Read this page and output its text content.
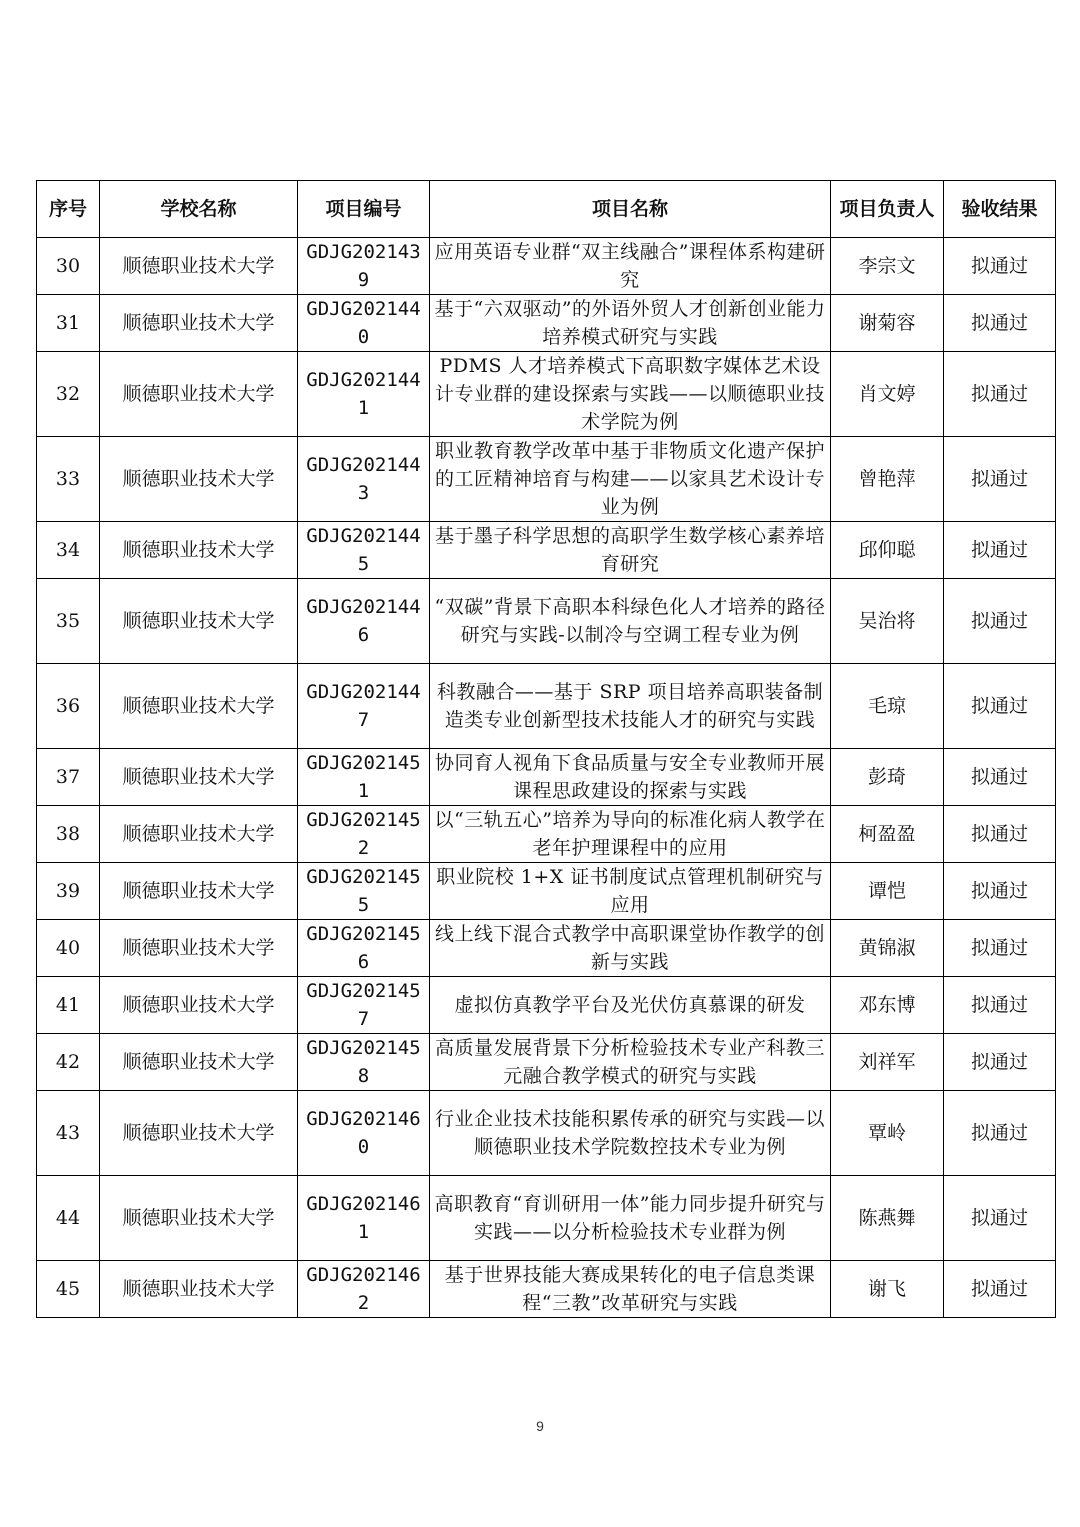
序号	学校名称	项目编号	项目名称	项目负责人	验收结果
30	顺德职业技术大学	GDJG2021439	应用英语专业群“双主线融合”课程体系构建研究	李宗文	拟通过
31	顺德职业技术大学	GDJG2021440	基于“六双驱动”的外语外贸人才创新创业能力培养模式研究与实践	谢菊容	拟通过
32	顺德职业技术大学	GDJG2021441	PDMS 人才培养模式下高职数字媒体艺术设计专业群的建设探索与实践——以顺德职业技术学院为例	肖文婷	拟通过
33	顺德职业技术大学	GDJG2021443	职业教育教学改革中基于非物质文化遗产保护的工匠精神培育与构建——以家具艺术设计专业为例	曾艳萍	拟通过
34	顺德职业技术大学	GDJG2021445	基于墨子科学思想的高职学生数学核心素养培育研究	邱仰聪	拟通过
35	顺德职业技术大学	GDJG2021446	“双碳”背景下高职本科绿色化人才培养的路径研究与实践-以制冷与空调工程专业为例	吴治将	拟通过
36	顺德职业技术大学	GDJG2021447	科教融合——基于 SRP 项目培养高职装备制造类专业创新型技术技能人才的研究与实践	毛琼	拟通过
37	顺德职业技术大学	GDJG2021451	协同育人视角下食品质量与安全专业教师开展课程思政建设的探索与实践	彭琦	拟通过
38	顺德职业技术大学	GDJG2021452	以“三轨五心”培养为导向的标准化病人教学在老年护理课程中的应用	柯盈盈	拟通过
39	顺德职业技术大学	GDJG2021455	职业院校 1+X 证书制度试点管理机制研究与应用	谭恺	拟通过
40	顺德职业技术大学	GDJG2021456	线上线下混合式教学中高职课堂协作教学的创新与实践	黄锦淑	拟通过
41	顺德职业技术大学	GDJG2021457	虚拟仿真教学平台及光伏仿真慕课的研发	邓东博	拟通过
42	顺德职业技术大学	GDJG2021458	高质量发展背景下分析检验技术专业产科教三元融合教学模式的研究与实践	刘祥军	拟通过
43	顺德职业技术大学	GDJG2021460	行业企业技术技能积累传承的研究与实践—以顺德职业技术学院数控技术专业为例	覃岭	拟通过
44	顺德职业技术大学	GDJG2021461	高职教育“育训研用一体”能力同步提升研究与实践——以分析检验技术专业群为例	陈燕舞	拟通过
45	顺德职业技术大学	GDJG2021462	基于世界技能大赛成果转化的电子信息类课程“三教”改革研究与实践	谢飞	拟通过
9
